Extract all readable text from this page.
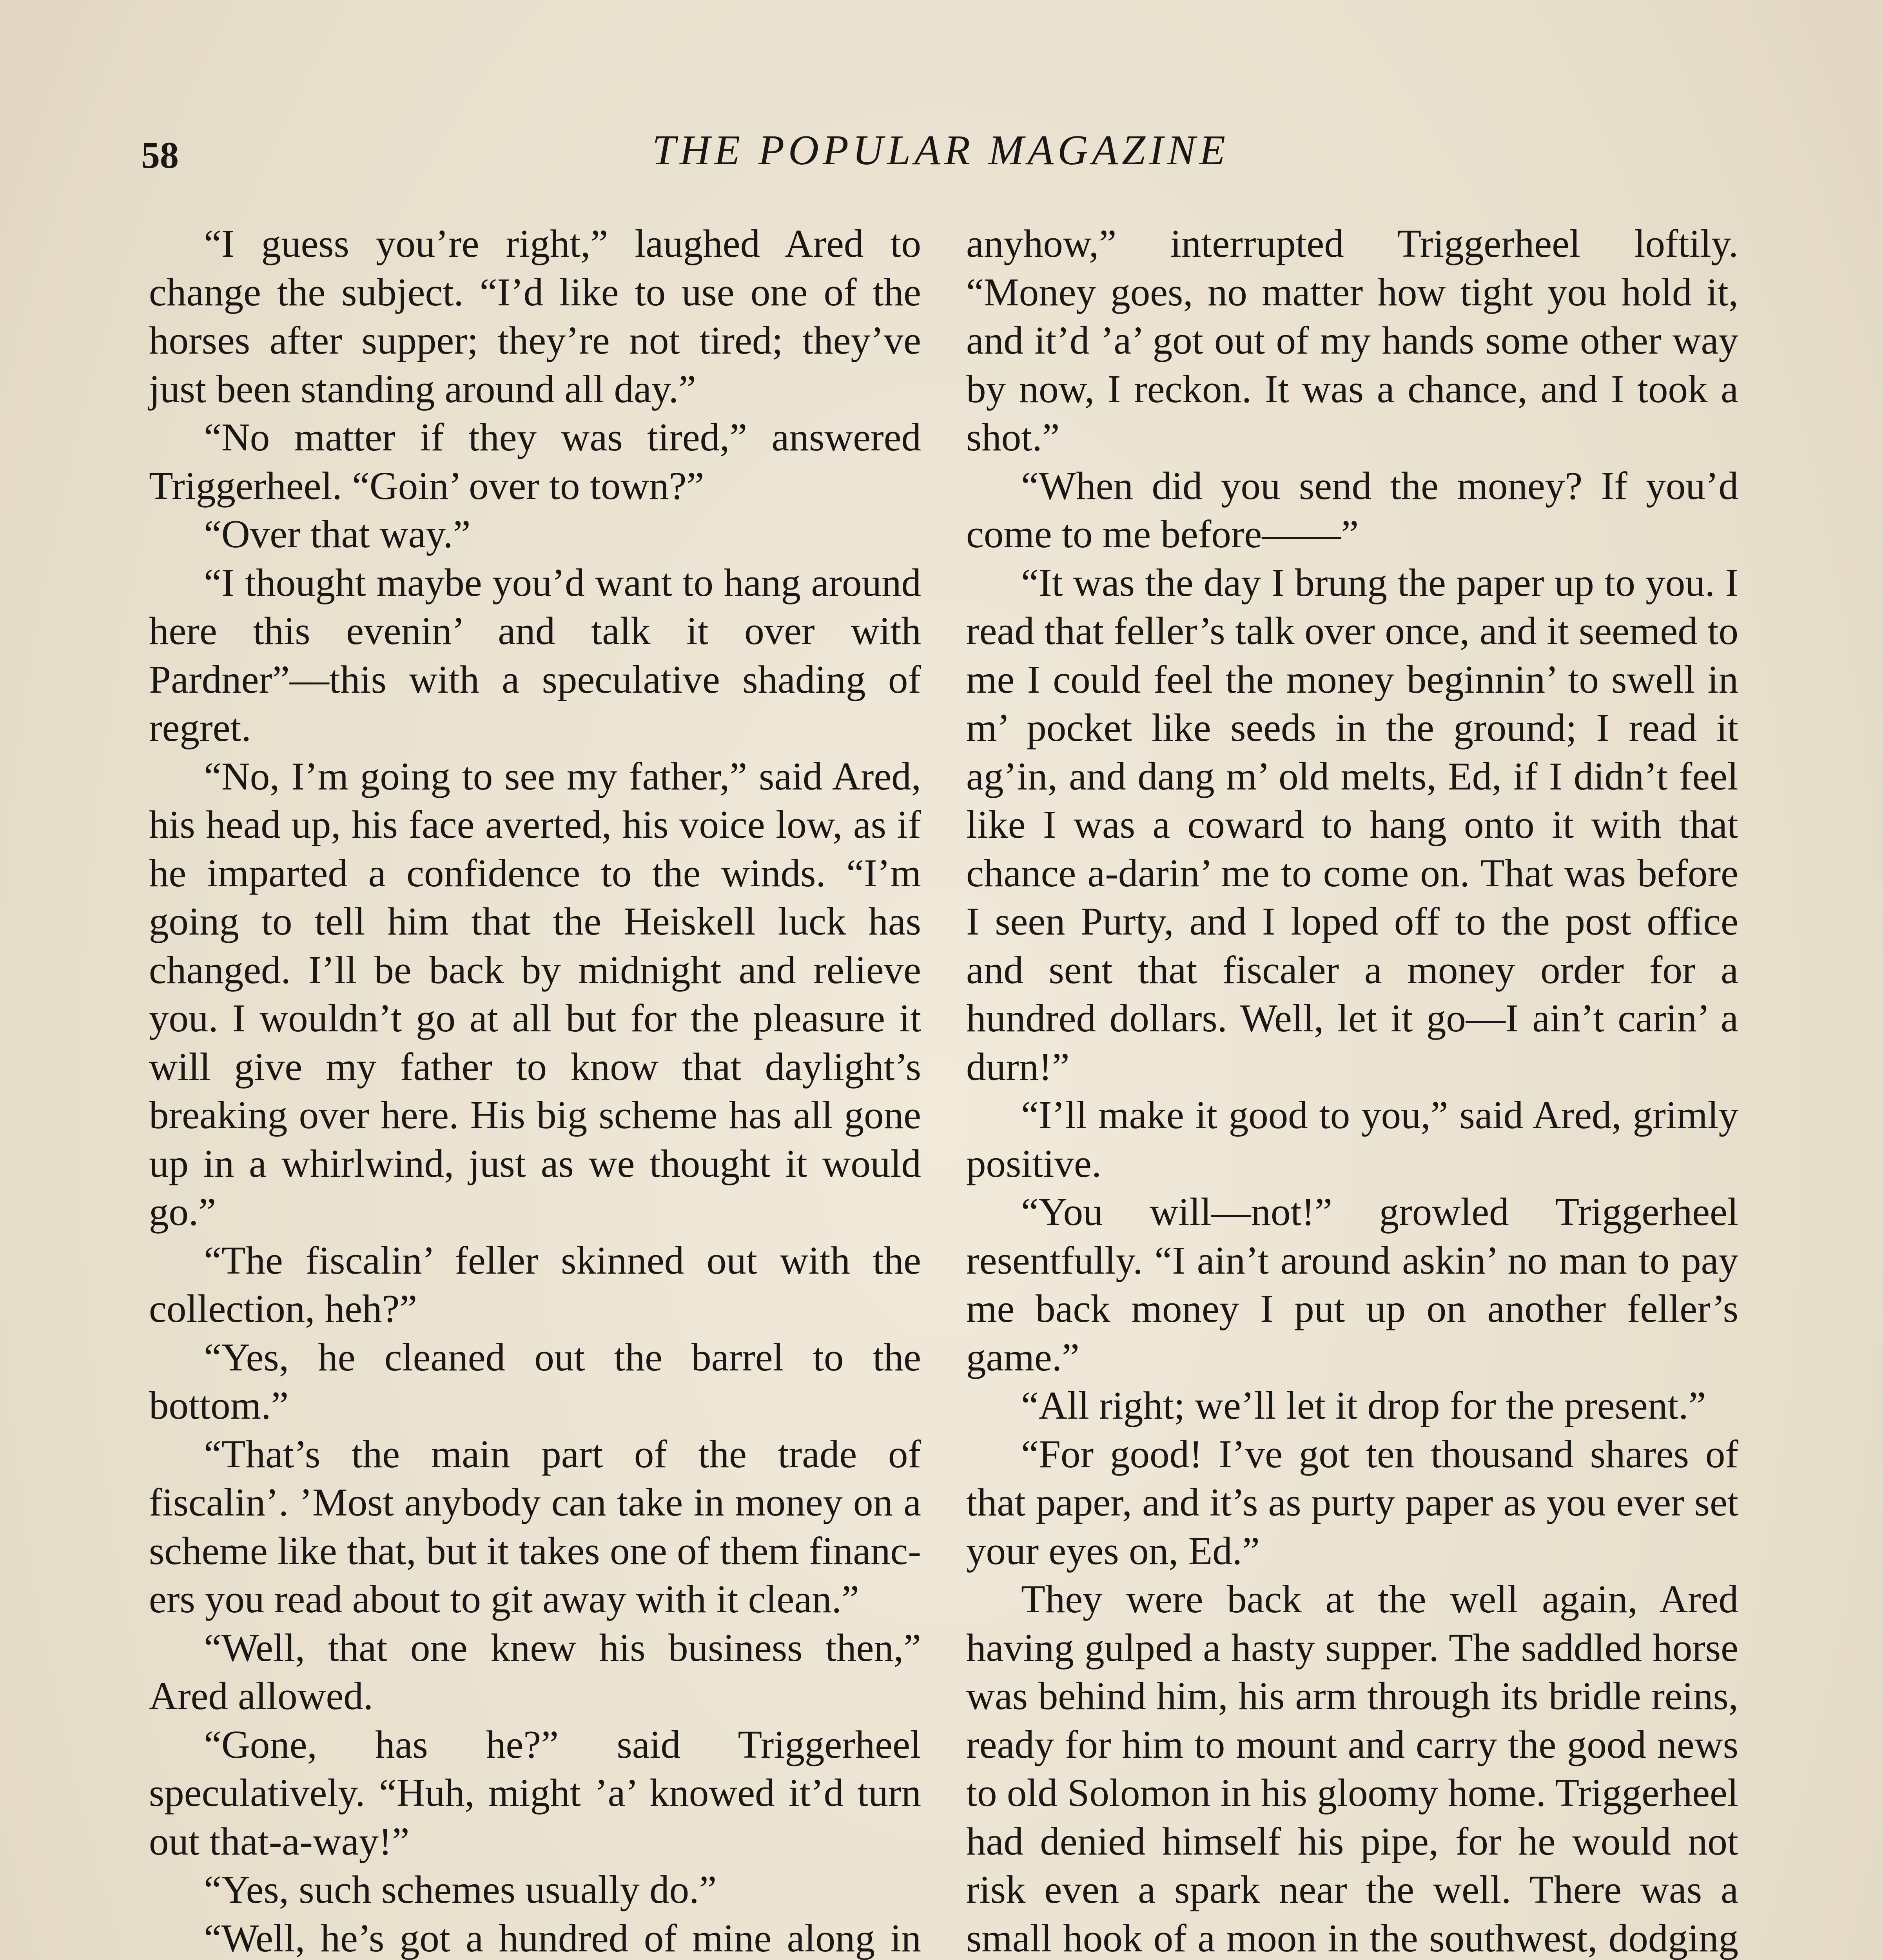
58	THE POPULAR MAGAZINE

“I guess you’re right,” laughed Ared to change the subject. “I’d like to use one of the horses after supper; they’re not tired; they’ve just been standing around all day.”

“No matter if they was tired,” answered Triggerheel. “Goin’ over to town?”

“Over that way.”

“I thought maybe you’d want to hang around here this evenin’ and talk it over with Pardner”—this with a speculative shading of regret.

“No, I’m going to see my father,” said Ared, his head up, his face averted, his voice low, as if he imparted a confidence to the winds. “I’m going to tell him that the Heiskell luck has changed. I’ll be back by midnight and relieve you. I wouldn’t go at all but for the pleasure it will give my father to know that daylight’s breaking over here. His big scheme has all gone up in a whirlwind, just as we thought it would go.”

“The fiscalin’ feller skinned out with the collection, heh?”

“Yes, he cleaned out the barrel to the bottom.”

“That’s the main part of the trade of fiscalin’. ’Most anybody can take in money on a scheme like that, but it takes one of them financ-ers you read about to git away with it clean.”

“Well, that one knew his business then,” Ared allowed.

“Gone, has he?” said Triggerheel speculatively. “Huh, might ’a’ knowed it’d turn out that-a-way!”

“Yes, such schemes usually do.”

“Well, he’s got a hundred of mine along in

anyhow,” interrupted Triggerheel loftily. “Money goes, no matter how tight you hold it, and it’d ’a’ got out of my hands some other way by now, I reckon. It was a chance, and I took a shot.”

“When did you send the money? If you’d come to me before——”

“It was the day I brung the paper up to you. I read that feller’s talk over once, and it seemed to me I could feel the money beginnin’ to swell in m’ pocket like seeds in the ground; I read it ag’in, and dang m’ old melts, Ed, if I didn’t feel like I was a coward to hang onto it with that chance a-darin’ me to come on. That was before I seen Purty, and I loped off to the post office and sent that fiscaler a money order for a hundred dollars. Well, let it go—I ain’t carin’ a durn!”

“I’ll make it good to you,” said Ared, grimly positive.

“You will—not!” growled Triggerheel resentfully. “I ain’t around askin’ no man to pay me back money I put up on another feller’s game.”

“All right; we’ll let it drop for the present.”

“For good! I’ve got ten thousand shares of that paper, and it’s as purty paper as you ever set your eyes on, Ed.”

They were back at the well again, Ared having gulped a hasty supper. The saddled horse was behind him, his arm through its bridle reins, ready for him to mount and carry the good news to old Solomon in his gloomy home. Triggerheel had denied himself his pipe, for he would not risk even a spark near the well. There was a small hook of a moon in the southwest, dodging
